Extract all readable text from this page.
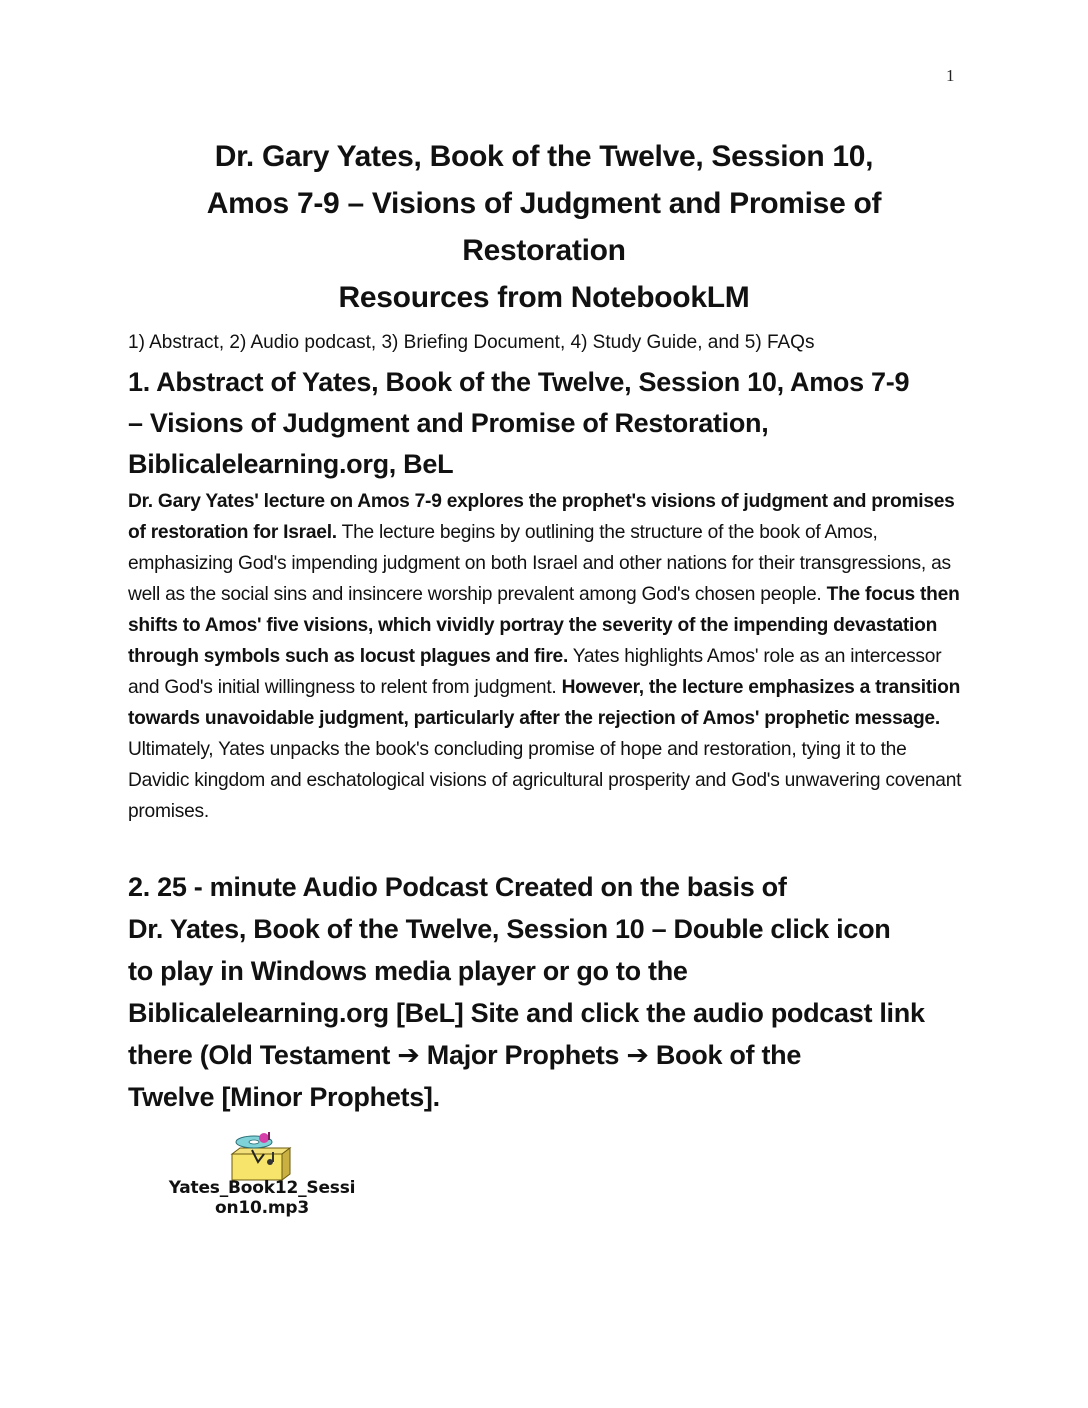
1
Dr. Gary Yates, Book of the Twelve, Session 10,
Amos 7-9 – Visions of Judgment and Promise of
Restoration
Resources from NotebookLM
1) Abstract, 2) Audio podcast, 3) Briefing Document, 4) Study Guide, and 5) FAQs
1. Abstract of Yates, Book of the Twelve, Session 10, Amos 7-9
– Visions of Judgment and Promise of Restoration,
Biblicalelearning.org, BeL

Dr. Gary Yates' lecture on Amos 7-9 explores the prophet's visions of judgment and promises of restoration for Israel. The lecture begins by outlining the structure of the book of Amos, emphasizing God's impending judgment on both Israel and other nations for their transgressions, as well as the social sins and insincere worship prevalent among God's chosen people. The focus then shifts to Amos' five visions, which vividly portray the severity of the impending devastation through symbols such as locust plagues and fire. Yates highlights Amos' role as an intercessor and God's initial willingness to relent from judgment. However, the lecture emphasizes a transition towards unavoidable judgment, particularly after the rejection of Amos' prophetic message. Ultimately, Yates unpacks the book's concluding promise of hope and restoration, tying it to the Davidic kingdom and eschatological visions of agricultural prosperity and God's unwavering covenant promises.

2. 25 - minute Audio Podcast Created on the basis of
Dr. Yates, Book of the Twelve, Session 10 – Double click icon
to play in Windows media player or go to the
Biblicalelearning.org [BeL] Site and click the audio podcast link
there (Old Testament ➔ Major Prophets ➔ Book of the
Twelve [Minor Prophets].
Yates_Book12_Sessi
on10.mp3
